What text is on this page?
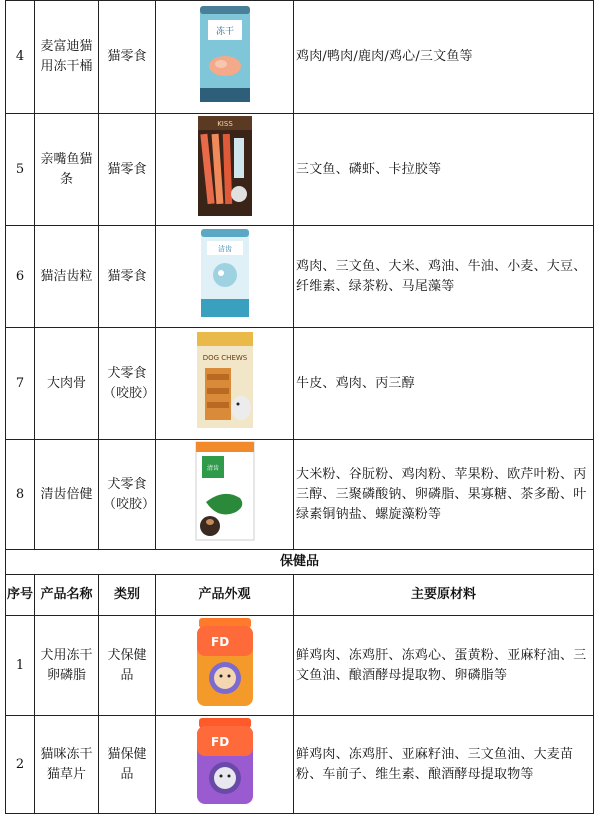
4	麦富迪猫用冻干桶	猫零食	冻干	鸡肉/鸭肉/鹿肉/鸡心/三文鱼等
5	亲嘴鱼猫条	猫零食	KISS	三文鱼、磷虾、卡拉胶等
6	猫洁齿粒	猫零食	洁齿	鸡肉、三文鱼、大米、鸡油、牛油、小麦、大豆、纤维素、绿茶粉、马尾藻等
7	大肉骨	犬零食（咬胶）	DOG CHEWS	牛皮、鸡肉、丙三醇
8	清齿倍健	犬零食（咬胶）	清齿	大米粉、谷朊粉、鸡肉粉、苹果粉、欧芹叶粉、丙三醇、三聚磷酸钠、卵磷脂、果寡糖、茶多酚、叶绿素铜钠盐、螺旋藻粉等
保健品				
序号	产品名称	类别	产品外观	主要原材料
1	犬用冻干卵磷脂	犬保健品	FD	鲜鸡肉、冻鸡肝、冻鸡心、蛋黄粉、亚麻籽油、三文鱼油、酿酒酵母提取物、卵磷脂等
2	猫咪冻干猫草片	猫保健品	FD	鲜鸡肉、冻鸡肝、亚麻籽油、三文鱼油、大麦苗粉、车前子、维生素、酿酒酵母提取物等
